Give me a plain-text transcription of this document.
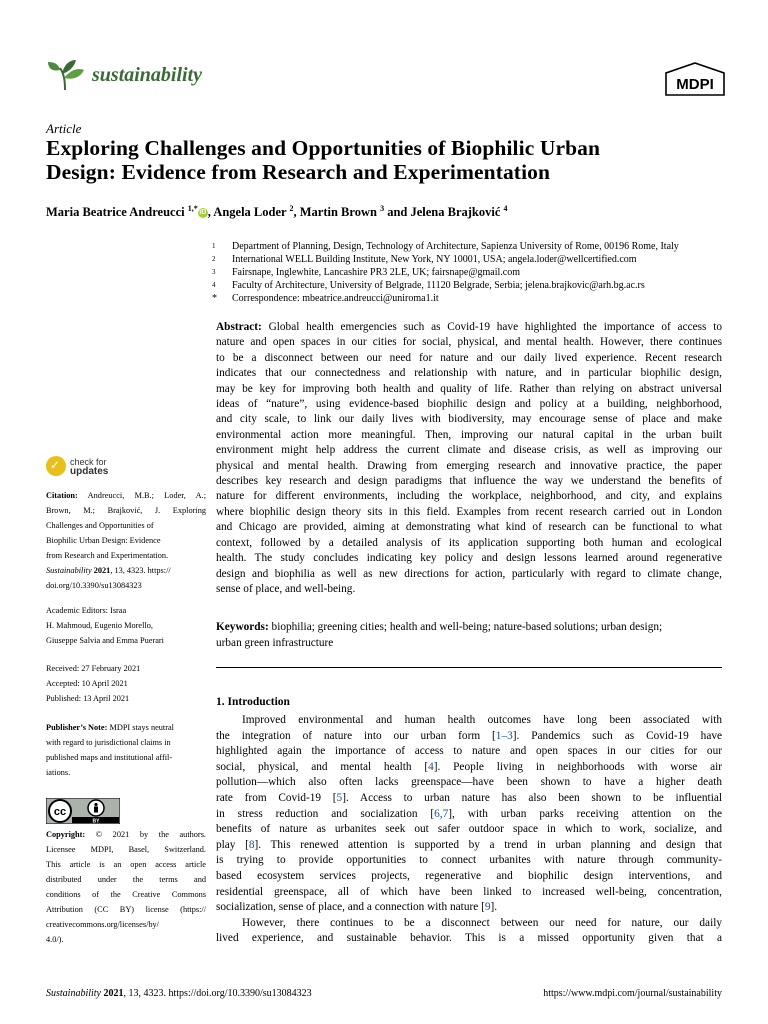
sustainability	MDPI
Article
Exploring Challenges and Opportunities of Biophilic Urban
Design: Evidence from Research and Experimentation
Maria Beatrice Andreucci $^{1,*}$ iD , Angela Loder $^2$, Martin Brown $^3$ and Jelena Brajković $^4$
1	Department of Planning, Design, Technology of Architecture, Sapienza University of Rome, 00196 Rome, Italy
2	International WELL Building Institute, New York, NY 10001, USA; angela.loder@wellcertified.com
3	Fairsnape, Inglewhite, Lancashire PR3 2LE, UK; fairsnape@gmail.com
4	Faculty of Architecture, University of Belgrade, 11120 Belgrade, Serbia; jelena.brajkovic@arh.bg.ac.rs
*	Correspondence: mbeatrice.andreucci@uniroma1.it
Abstract: Global health emergencies such as Covid-19 have highlighted the importance of access to
nature and open spaces in our cities for social, physical, and mental health. However, there continues
to be a disconnect between our need for nature and our daily lived experience. Recent research
indicates that our connectedness and relationship with nature, and in particular biophilic design,
may be key for improving both health and quality of life. Rather than relying on abstract universal
ideas of “nature”, using evidence-based biophilic design and policy at a building, neighborhood,
and city scale, to link our daily lives with biodiversity, may encourage sense of place and make
environmental action more meaningful. Then, improving our natural capital in the urban built
environment might help address the current climate and disease crisis, as well as improving our
physical and mental health. Drawing from emerging research and innovative practice, the paper
describes key research and design paradigms that influence the way we understand the benefits of
nature for different environments, including the workplace, neighborhood, and city, and explains
where biophilic design theory sits in this field. Examples from recent research carried out in London
and Chicago are provided, aiming at demonstrating what kind of research can be functional to what
context, followed by a detailed analysis of its application supporting both human and ecological
health. The study concludes indicating key policy and design lessons learned around regenerative
design and biophilia as well as new directions for action, particularly with regard to climate change,
sense of place, and well-being.
Keywords: biophilia; greening cities; health and well-being; nature-based solutions; urban design;
urban green infrastructure
✓ check for
updates
Citation: Andreucci, M.B.; Loder, A.;
Brown, M.; Brajković, J. Exploring
Challenges and Opportunities of
Biophilic Urban Design: Evidence
from Research and Experimentation.
Sustainability 2021, 13, 4323. https://
doi.org/10.3390/su13084323
Academic Editors: Israa
H. Mahmoud, Eugenio Morello,
Giuseppe Salvia and Emma Puerari
Received: 27 February 2021
Accepted: 10 April 2021
Published: 13 April 2021
Publisher’s Note: MDPI stays neutral
with regard to jurisdictional claims in
published maps and institutional affil-
iations.
cc
BY
Copyright: © 2021 by the authors.
Licensee MDPI, Basel, Switzerland.
This article is an open access article
distributed under the terms and
conditions of the Creative Commons
Attribution (CC BY) license (https://
creativecommons.org/licenses/by/
4.0/).
1. Introduction
Improved environmental and human health outcomes have long been associated with
the integration of nature into our urban form [1–3]. Pandemics such as Covid-19 have
highlighted again the importance of access to nature and open spaces in our cities for our
social, physical, and mental health [4]. People living in neighborhoods with worse air
pollution—which also often lacks greenspace—have been shown to have a higher death
rate from Covid-19 [5]. Access to urban nature has also been shown to be influential
in stress reduction and socialization [6,7], with urban parks receiving attention on the
benefits of nature as urbanites seek out safer outdoor space in which to work, socialize, and
play [8]. This renewed attention is supported by a trend in urban planning and design that
is trying to provide opportunities to connect urbanites with nature through community-
based ecosystem services projects, regenerative and biophilic design interventions, and
residential greenspace, all of which have been linked to increased well-being, concentration,
socialization, sense of place, and a connection with nature [9].
However, there continues to be a disconnect between our need for nature, our daily
lived experience, and sustainable behavior. This is a missed opportunity given that a
Sustainability 2021, 13, 4323. https://doi.org/10.3390/su13084323	https://www.mdpi.com/journal/sustainability
